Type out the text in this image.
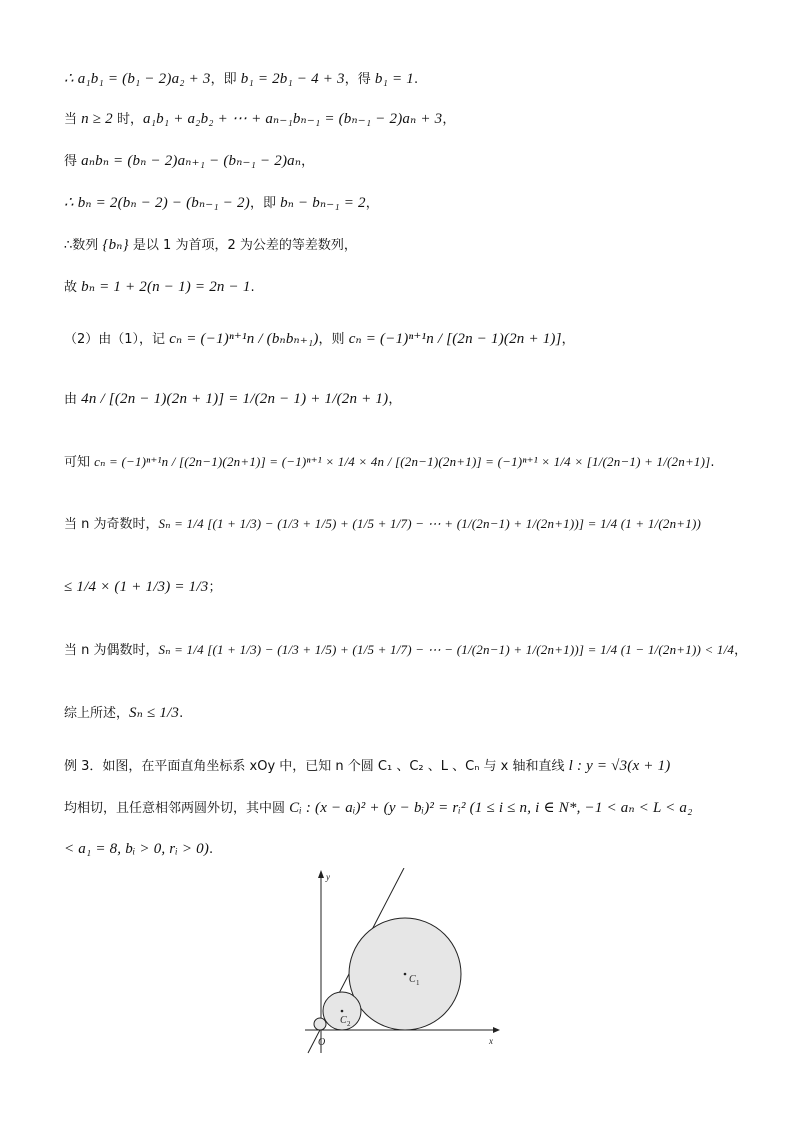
∴ a₁b₁ = (b₁ − 2)a₂ + 3，即 b₁ = 2b₁ − 4 + 3，得 b₁ = 1.
当 n ≥ 2 时，a₁b₁ + a₂b₂ + ⋯ + aₙ₋₁bₙ₋₁ = (bₙ₋₁ − 2)aₙ + 3，
得 aₙbₙ = (bₙ − 2)aₙ₊₁ − (bₙ₋₁ − 2)aₙ，
∴ bₙ = 2(bₙ − 2) − (bₙ₋₁ − 2)，即 bₙ − bₙ₋₁ = 2，
∴数列 {bₙ} 是以 1 为首项，2 为公差的等差数列，
故 bₙ = 1 + 2(n − 1) = 2n − 1.
（2）由（1），记 cₙ = (−1)ⁿ⁺¹n / (bₙbₙ₊₁)，则 cₙ = (−1)ⁿ⁺¹n / [(2n − 1)(2n + 1)]，
由 4n / [(2n − 1)(2n + 1)] = 1/(2n − 1) + 1/(2n + 1)，
可知 cₙ = (−1)ⁿ⁺¹n / [(2n−1)(2n+1)] = (−1)ⁿ⁺¹ × 1/4 × 4n / [(2n−1)(2n+1)] = (−1)ⁿ⁺¹ × 1/4 × [1/(2n−1) + 1/(2n+1)].
当 n 为奇数时，Sₙ = 1/4 [(1 + 1/3) − (1/3 + 1/5) + (1/5 + 1/7) − ⋯ + (1/(2n−1) + 1/(2n+1))] = 1/4 (1 + 1/(2n+1))
≤ 1/4 × (1 + 1/3) = 1/3；
当 n 为偶数时，Sₙ = 1/4 [(1 + 1/3) − (1/3 + 1/5) + (1/5 + 1/7) − ⋯ − (1/(2n−1) + 1/(2n+1))] = 1/4 (1 − 1/(2n+1)) < 1/4，
综上所述，Sₙ ≤ 1/3.
例 3．如图，在平面直角坐标系 xOy 中，已知 n 个圆 C₁ 、C₂ 、L 、Cₙ 与 x 轴和直线 l : y = √3(x + 1)
均相切，且任意相邻两圆外切，其中圆 Cᵢ : (x − aᵢ)² + (y − bᵢ)² = rᵢ² (1 ≤ i ≤ n, i ∈ N*, −1 < aₙ < L < a₂
< a₁ = 8, bᵢ > 0, rᵢ > 0).
y
x
O
C 1
C 2
